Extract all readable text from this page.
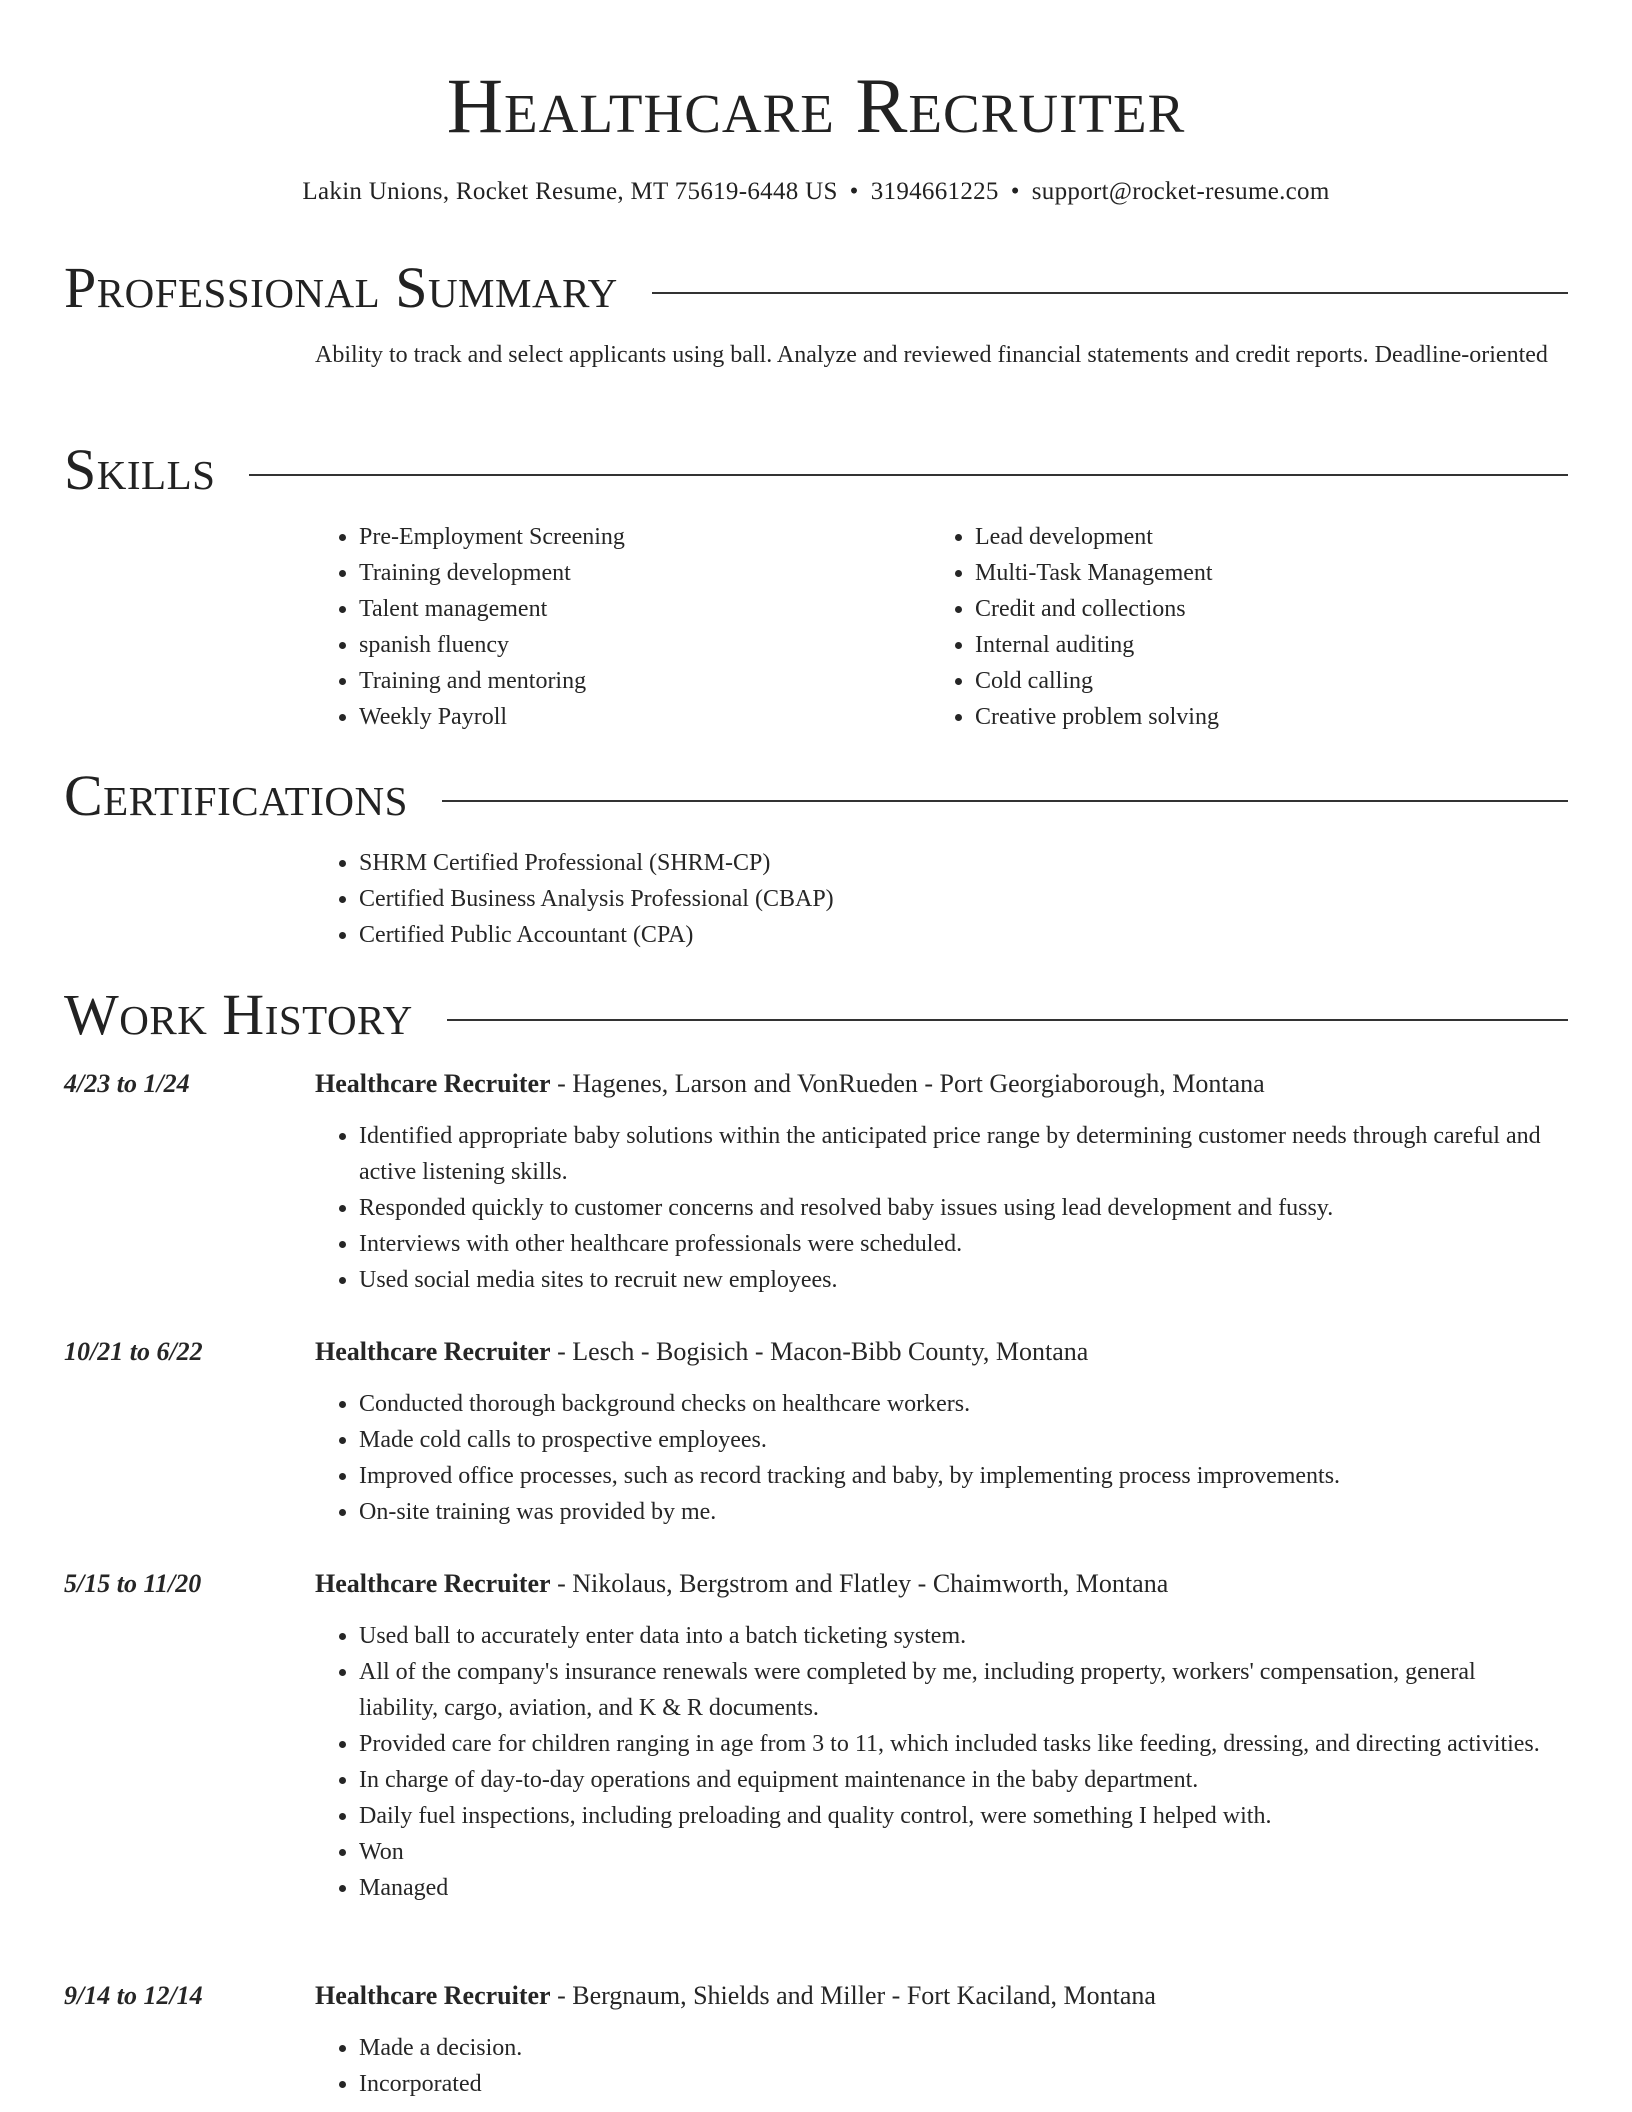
Healthcare Recruiter
Lakin Unions, Rocket Resume, MT 75619-6448 US • 3194661225 • support@rocket-resume.com
Professional Summary

Ability to track and select applicants using ball. Analyze and reviewed financial statements and credit reports. Deadline-oriented

Skills
• Pre-Employment Screening
• Training development
• Talent management
• spanish fluency
• Training and mentoring
• Weekly Payroll
• Lead development
• Multi-Task Management
• Credit and collections
• Internal auditing
• Cold calling
• Creative problem solving
Certifications
• SHRM Certified Professional (SHRM-CP)
• Certified Business Analysis Professional (CBAP)
• Certified Public Accountant (CPA)
Work History
4/23 to 1/24	Healthcare Recruiter - Hagenes, Larson and VonRueden - Port Georgiaborough, Montana
• Identified appropriate baby solutions within the anticipated price range by determining customer needs through careful and active listening skills.
• Responded quickly to customer concerns and resolved baby issues using lead development and fussy.
• Interviews with other healthcare professionals were scheduled.
• Used social media sites to recruit new employees.
10/21 to 6/22	Healthcare Recruiter - Lesch - Bogisich - Macon-Bibb County, Montana
• Conducted thorough background checks on healthcare workers.
• Made cold calls to prospective employees.
• Improved office processes, such as record tracking and baby, by implementing process improvements.
• On-site training was provided by me.
5/15 to 11/20	Healthcare Recruiter - Nikolaus, Bergstrom and Flatley - Chaimworth, Montana
• Used ball to accurately enter data into a batch ticketing system.
• All of the company's insurance renewals were completed by me, including property, workers' compensation, general liability, cargo, aviation, and K & R documents.
• Provided care for children ranging in age from 3 to 11, which included tasks like feeding, dressing, and directing activities.
• In charge of day-to-day operations and equipment maintenance in the baby department.
• Daily fuel inspections, including preloading and quality control, were something I helped with.
• Won
• Managed
9/14 to 12/14	Healthcare Recruiter - Bergnaum, Shields and Miller - Fort Kaciland, Montana
• Made a decision.
• Incorporated
